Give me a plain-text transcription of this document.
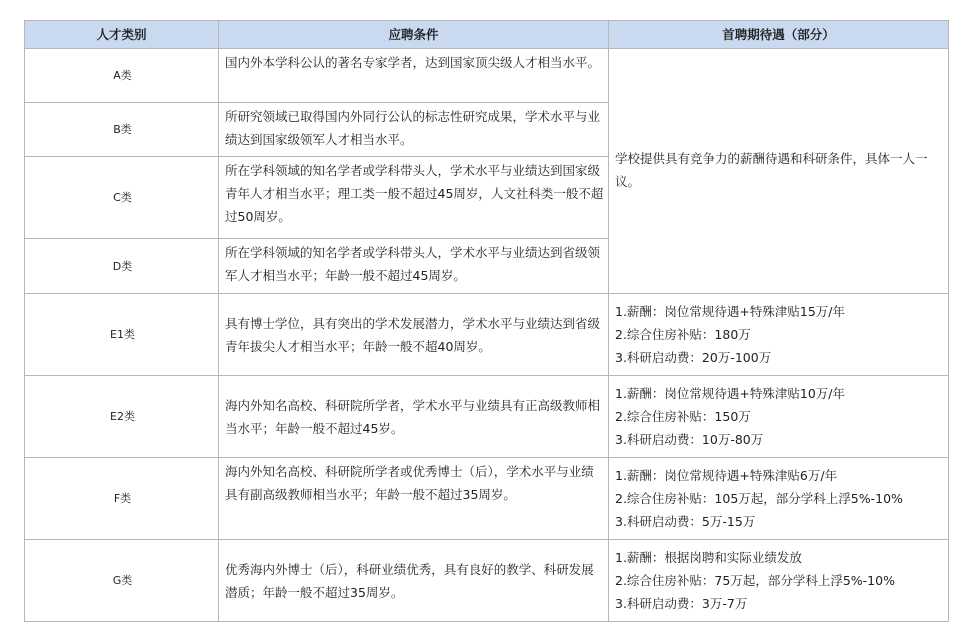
人才类别	应聘条件	首聘期待遇（部分）
A类	国内外本学科公认的著名专家学者，达到国家顶尖级人才相当水平。	学校提供具有竞争力的薪酬待遇和科研条件，具体一人一议。
B类	所研究领域已取得国内外同行公认的标志性研究成果，学术水平与业绩达到国家级领军人才相当水平。	
C类	所在学科领域的知名学者或学科带头人，学术水平与业绩达到国家级青年人才相当水平；理工类一般不超过45周岁，人文社科类一般不超过50周岁。	
D类	所在学科领域的知名学者或学科带头人，学术水平与业绩达到省级领军人才相当水平；年龄一般不超过45周岁。	
E1类	具有博士学位，具有突出的学术发展潜力，学术水平与业绩达到省级青年拔尖人才相当水平；年龄一般不超40周岁。	1.薪酬：岗位常规待遇+特殊津贴15万/年
2.综合住房补贴：180万
3.科研启动费：20万-100万

E2类	海内外知名高校、科研院所学者，学术水平与业绩具有正高级教师相当水平；年龄一般不超过45岁。	1.薪酬：岗位常规待遇+特殊津贴10万/年
2.综合住房补贴：150万
3.科研启动费：10万-80万

F类	海内外知名高校、科研院所学者或优秀博士（后），学术水平与业绩具有副高级教师相当水平；年龄一般不超过35周岁。	1.薪酬：岗位常规待遇+特殊津贴6万/年
2.综合住房补贴：105万起，部分学科上浮5%-10%
3.科研启动费：5万-15万

G类	优秀海内外博士（后），科研业绩优秀，具有良好的教学、科研发展潜质；年龄一般不超过35周岁。	1.薪酬：根据岗聘和实际业绩发放
2.综合住房补贴：75万起，部分学科上浮5%-10%
3.科研启动费：3万-7万
